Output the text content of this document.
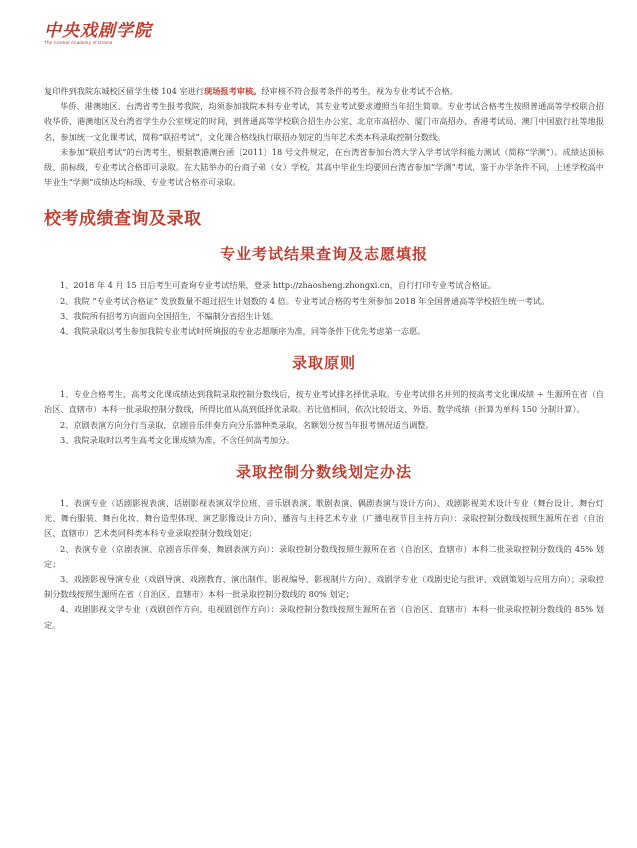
中央戏剧学院
The Central Academy of Drama

复印件到我院东城校区留学生楼 104 室进行现场报考审核。经审核不符合报考条件的考生，视为专业考试不合格。

华侨、港澳地区、台湾省考生报考我院，均须参加我院本科专业考试，其专业考试要求遵照当年招生简章。专业考试合格考生按照普通高等学校联合招收华侨、港澳地区及台湾省学生办公室规定的时间，到普通高等学校联合招生办公室、北京市高招办、厦门市高招办、香港考试局、澳门中国旅行社等地报名，参加统一文化课考试，简称“联招考试”，文化课合格线执行联招办划定的当年艺术类本科录取控制分数线。

未参加“联招考试”的台湾考生，根据教港澳台函〔2011〕18 号文件规定，在台湾省参加台湾大学入学考试学科能力测试（简称“学测”）。成绩达顶标级、前标级，专业考试合格即可录取。在大陆举办的台商子弟（女）学校，其高中毕业生均要回台湾省参加“学测”考试，鉴于办学条件不同，上述学校高中毕业生“学测”成绩达均标级、专业考试合格亦可录取。

校考成绩查询及录取
专业考试结果查询及志愿填报

1、2018 年 4 月 15 日后考生可查询专业考试结果，登录 http://zhaosheng.zhongxi.cn，自行打印专业考试合格证。

2、我院 “专业考试合格证” 发放数量不超过招生计划数的 4 倍。专业考试合格的考生须参加 2018 年全国普通高等学校招生统一考试。

3、我院所有招考方向面向全国招生，不编制分省招生计划。

4、我院录取以考生参加我院专业考试时所填报的专业志愿顺序为准，同等条件下优先考虑第一志愿。

录取原则

1、专业合格考生，高考文化课成绩达到我院录取控制分数线后，按专业考试排名择优录取。专业考试排名并列的按高考文化课成绩 ÷ 生源所在省（自治区、直辖市）本科一批录取控制分数线，所得比值从高到低择优录取。若比值相同，依次比较语文、外语、数学成绩（折算为单科 150 分制计算）。

2、京剧表演方向分行当录取，京剧音乐伴奏方向分乐器种类录取，名额划分按当年报考情况适当调整。

3、我院录取时以考生高考文化课成绩为准，不含任何高考加分。

录取控制分数线划定办法

1、表演专业（话剧影视表演、话剧影视表演双学位班、音乐剧表演、歌剧表演、偶剧表演与设计方向）、戏剧影视美术设计专业（舞台设计、舞台灯光、舞台服装、舞台化妆、舞台造型体现、演艺影像设计方向）、播音与主持艺术专业（广播电视节目主持方向）：录取控制分数线按照生源所在省（自治区、直辖市）艺术类同科类本科专业录取控制分数线划定；

2、表演专业（京剧表演、京剧音乐伴奏、舞剧表演方向）：录取控制分数线按照生源所在省（自治区、直辖市）本科二批录取控制分数线的 45% 划定；

3、戏剧影视导演专业（戏剧导演、戏剧教育、演出制作、影视编导、影视制片方向）、戏剧学专业（戏剧史论与批评、戏剧策划与应用方向）；录取控制分数线按照生源所在省（自治区、直辖市）本科一批录取控制分数线的 80% 划定；

4、戏剧影视文学专业（戏剧创作方向、电视剧创作方向）：录取控制分数线按照生源所在省（自治区、直辖市）本科一批录取控制分数线的 85% 划定。
